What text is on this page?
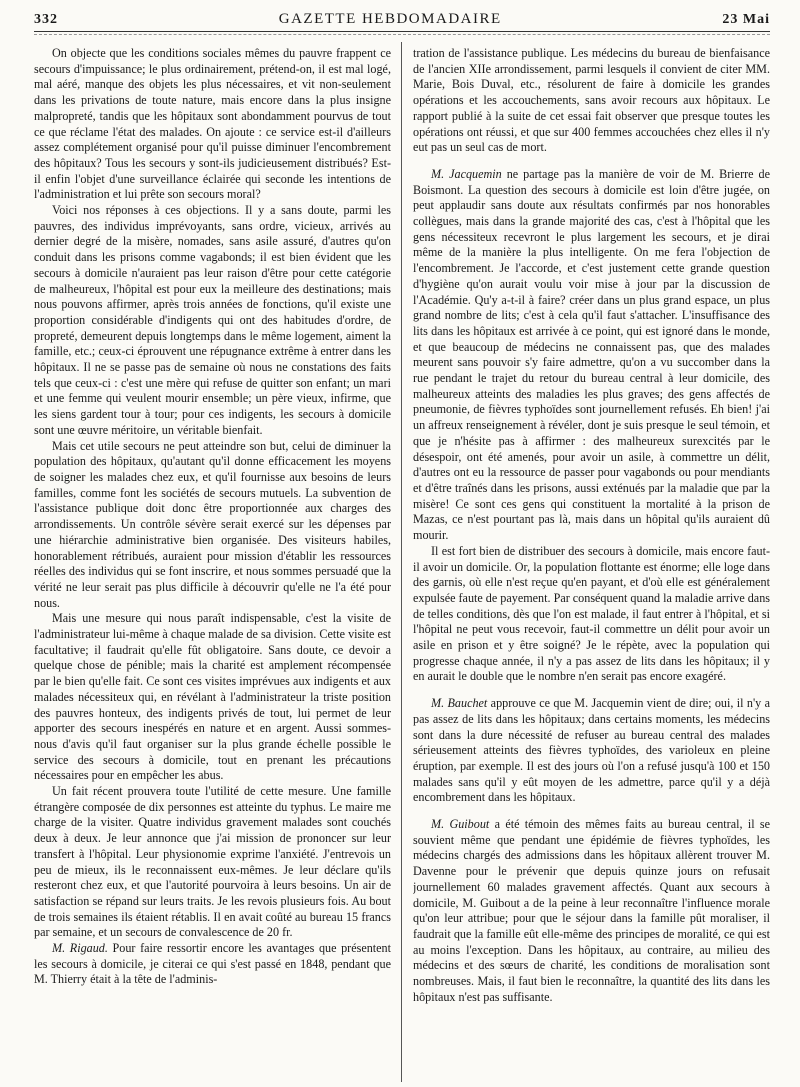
332	GAZETTE HEBDOMADAIRE	23 Mai

On objecte que les conditions sociales mêmes du pauvre frappent ce secours d'impuissance; le plus ordinairement, prétend-on, il est mal logé, mal aéré, manque des objets les plus nécessaires, et vit non-seulement dans les privations de toute nature, mais encore dans la plus insigne malpropreté, tandis que les hôpitaux sont abondamment pourvus de tout ce que réclame l'état des malades. On ajoute : ce service est-il d'ailleurs assez complétement organisé pour qu'il puisse diminuer l'encombrement des hôpitaux? Tous les secours y sont-ils judicieusement distribués? Est-il enfin l'objet d'une surveillance éclairée qui seconde les intentions de l'administration et lui prête son secours moral?

Voici nos réponses à ces objections. Il y a sans doute, parmi les pauvres, des individus imprévoyants, sans ordre, vicieux, arrivés au dernier degré de la misère, nomades, sans asile assuré, d'autres qu'on conduit dans les prisons comme vagabonds; il est bien évident que les secours à domicile n'auraient pas leur raison d'être pour cette catégorie de malheureux, l'hôpital est pour eux la meilleure des destinations; mais nous pouvons affirmer, après trois années de fonctions, qu'il existe une proportion considérable d'indigents qui ont des habitudes d'ordre, de propreté, demeurent depuis longtemps dans le même logement, aiment la famille, etc.; ceux-ci éprouvent une répugnance extrême à entrer dans les hôpitaux. Il ne se passe pas de semaine où nous ne constations des faits tels que ceux-ci : c'est une mère qui refuse de quitter son enfant; un mari et une femme qui veulent mourir ensemble; un père vieux, infirme, que les siens gardent tour à tour; pour ces indigents, les secours à domicile sont une œuvre méritoire, un véritable bienfait.

Mais cet utile secours ne peut atteindre son but, celui de diminuer la population des hôpitaux, qu'autant qu'il donne efficacement les moyens de soigner les malades chez eux, et qu'il fournisse aux besoins de leurs familles, comme font les sociétés de secours mutuels. La subvention de l'assistance publique doit donc être proportionnée aux charges des arrondissements. Un contrôle sévère serait exercé sur les dépenses par une hiérarchie administrative bien organisée. Des visiteurs habiles, honorablement rétribués, auraient pour mission d'établir les ressources réelles des individus qui se font inscrire, et nous sommes persuadé que la vérité ne leur serait pas plus difficile à découvrir qu'elle ne l'a été pour nous.

Mais une mesure qui nous paraît indispensable, c'est la visite de l'administrateur lui-même à chaque malade de sa division. Cette visite est facultative; il faudrait qu'elle fût obligatoire. Sans doute, ce devoir a quelque chose de pénible; mais la charité est amplement récompensée par le bien qu'elle fait. Ce sont ces visites imprévues aux indigents et aux malades nécessiteux qui, en révélant à l'administrateur la triste position des pauvres honteux, des indigents privés de tout, lui permet de leur apporter des secours inespérés en nature et en argent. Aussi sommes-nous d'avis qu'il faut organiser sur la plus grande échelle possible le service des secours à domicile, tout en prenant les précautions nécessaires pour en empêcher les abus.

Un fait récent prouvera toute l'utilité de cette mesure. Une famille étrangère composée de dix personnes est atteinte du typhus. Le maire me charge de la visiter. Quatre individus gravement malades sont couchés deux à deux. Je leur annonce que j'ai mission de prononcer sur leur transfert à l'hôpital. Leur physionomie exprime l'anxiété. J'entrevois un peu de mieux, ils le reconnaissent eux-mêmes. Je leur déclare qu'ils resteront chez eux, et que l'autorité pourvoira à leurs besoins. Un air de satisfaction se répand sur leurs traits. Je les revois plusieurs fois. Au bout de trois semaines ils étaient rétablis. Il en avait coûté au bureau 15 francs par semaine, et un secours de convalescence de 20 fr.

M. Rigaud. Pour faire ressortir encore les avantages que présentent les secours à domicile, je citerai ce qui s'est passé en 1848, pendant que M. Thierry était à la tête de l'adminis-

tration de l'assistance publique. Les médecins du bureau de bienfaisance de l'ancien XIIe arrondissement, parmi lesquels il convient de citer MM. Marie, Bois Duval, etc., résolurent de faire à domicile les grandes opérations et les accouchements, sans avoir recours aux hôpitaux. Le rapport publié à la suite de cet essai fait observer que presque toutes les opérations ont réussi, et que sur 400 femmes accouchées chez elles il n'y eut pas un seul cas de mort.

M. Jacquemin ne partage pas la manière de voir de M. Brierre de Boismont. La question des secours à domicile est loin d'être jugée, on peut applaudir sans doute aux résultats confirmés par nos honorables collègues, mais dans la grande majorité des cas, c'est à l'hôpital que les gens nécessiteux recevront le plus largement les secours, et je dirai même de la manière la plus intelligente. On me fera l'objection de l'encombrement. Je l'accorde, et c'est justement cette grande question d'hygiène qu'on aurait voulu voir mise à jour par la discussion de l'Académie. Qu'y a-t-il à faire? créer dans un plus grand espace, un plus grand nombre de lits; c'est à cela qu'il faut s'attacher. L'insuffisance des lits dans les hôpitaux est arrivée à ce point, qui est ignoré dans le monde, et que beaucoup de médecins ne connaissent pas, que des malades meurent sans pouvoir s'y faire admettre, qu'on a vu succomber dans la rue pendant le trajet du retour du bureau central à leur domicile, des malheureux atteints des maladies les plus graves; des gens affectés de pneumonie, de fièvres typhoïdes sont journellement refusés. Eh bien! j'ai un affreux renseignement à révéler, dont je suis presque le seul témoin, et que je n'hésite pas à affirmer : des malheureux surexcités par le désespoir, ont été amenés, pour avoir un asile, à commettre un délit, d'autres ont eu la ressource de passer pour vagabonds ou pour mendiants et d'être traînés dans les prisons, aussi exténués par la maladie que par la misère! Ce sont ces gens qui constituent la mortalité à la prison de Mazas, ce n'est pourtant pas là, mais dans un hôpital qu'ils auraient dû mourir.

Il est fort bien de distribuer des secours à domicile, mais encore faut-il avoir un domicile. Or, la population flottante est énorme; elle loge dans des garnis, où elle n'est reçue qu'en payant, et d'où elle est généralement expulsée faute de payement. Par conséquent quand la maladie arrive dans de telles conditions, dès que l'on est malade, il faut entrer à l'hôpital, et si l'hôpital ne peut vous recevoir, faut-il commettre un délit pour avoir un asile en prison et y être soigné? Je le répète, avec la population qui progresse chaque année, il n'y a pas assez de lits dans les hôpitaux; il y en aurait le double que le nombre n'en serait pas encore exagéré.

M. Bauchet approuve ce que M. Jacquemin vient de dire; oui, il n'y a pas assez de lits dans les hôpitaux; dans certains moments, les médecins sont dans la dure nécessité de refuser au bureau central des malades sérieusement atteints des fièvres typhoïdes, des varioleux en pleine éruption, par exemple. Il est des jours où l'on a refusé jusqu'à 100 et 150 malades sans qu'il y eût moyen de les admettre, parce qu'il y a déjà encombrement dans les hôpitaux.

M. Guibout a été témoin des mêmes faits au bureau central, il se souvient même que pendant une épidémie de fièvres typhoïdes, les médecins chargés des admissions dans les hôpitaux allèrent trouver M. Davenne pour le prévenir que depuis quinze jours on refusait journellement 60 malades gravement affectés. Quant aux secours à domicile, M. Guibout a de la peine à leur reconnaître l'influence morale qu'on leur attribue; pour que le séjour dans la famille pût moraliser, il faudrait que la famille eût elle-même des principes de moralité, ce qui est au moins l'exception. Dans les hôpitaux, au contraire, au milieu des médecins et des sœurs de charité, les conditions de moralisation sont nombreuses. Mais, il faut bien le reconnaître, la quantité des lits dans les hôpitaux n'est pas suffisante.
